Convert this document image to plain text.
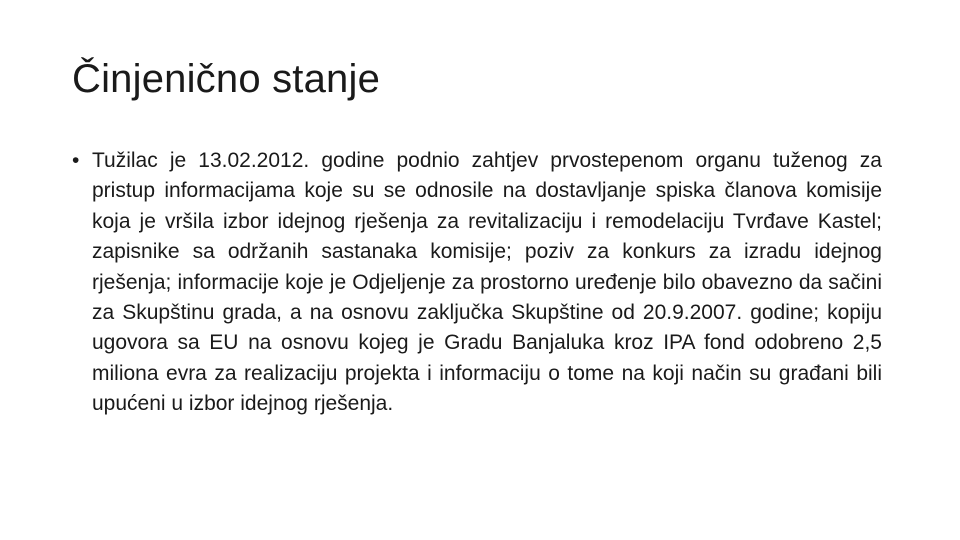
Činjenično stanje
• Tužilac je 13.02.2012. godine podnio zahtjev prvostepenom organu tuženog za pristup informacijama koje su se odnosile na dostavljanje spiska članova komisije koja je vršila izbor idejnog rješenja za revitalizaciju i remodelaciju Tvrđave Kastel; zapisnike sa održanih sastanaka komisije; poziv za konkurs za izradu idejnog rješenja; informacije koje je Odjeljenje za prostorno uređenje bilo obavezno da sačini za Skupštinu grada, a na osnovu zaključka Skupštine od 20.9.2007. godine; kopiju ugovora sa EU na osnovu kojeg je Gradu Banjaluka kroz IPA fond odobreno 2,5 miliona evra za realizaciju projekta i informaciju o tome na koji način su građani bili upućeni u izbor idejnog rješenja.
